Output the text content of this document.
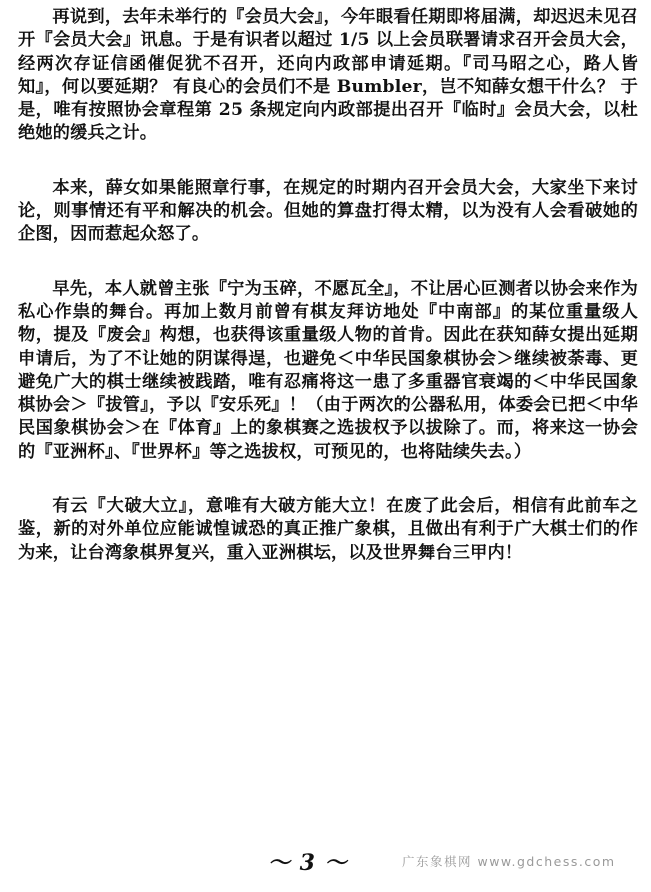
再说到，去年未举行的『会员大会』，今年眼看任期即将届满，却迟迟未见召开『会员大会』讯息。于是有识者以超过 1/5 以上会员联署请求召开会员大会，经两次存证信函催促犹不召开，还向内政部申请延期。『司马昭之心，路人皆知』，何以要延期？ 有良心的会员们不是 Bumbler，岂不知薛女想干什么？ 于是，唯有按照协会章程第 25 条规定向内政部提出召开『临时』会员大会，以杜绝她的缓兵之计。

本来，薛女如果能照章行事，在规定的时期内召开会员大会，大家坐下来讨论，则事情还有平和解决的机会。但她的算盘打得太精，以为没有人会看破她的企图，因而惹起众怒了。

早先，本人就曾主张『宁为玉碎，不愿瓦全』，不让居心叵测者以协会来作为私心作祟的舞台。再加上数月前曾有棋友拜访地处『中南部』的某位重量级人物，提及『废会』构想，也获得该重量级人物的首肯。因此在获知薛女提出延期申请后，为了不让她的阴谋得逞，也避免＜中华民国象棋协会＞继续被荼毒、更避免广大的棋士继续被践踏，唯有忍痛将这一患了多重器官衰竭的＜中华民国象棋协会＞『拔管』，予以『安乐死』！（由于两次的公器私用，体委会已把＜中华民国象棋协会＞在『体育』上的象棋赛之选拔权予以拔除了。而，将来这一协会的『亚洲杯』、『世界杯』等之选拔权，可预见的，也将陆续失去。）

有云『大破大立』，意唯有大破方能大立！在废了此会后，相信有此前车之鉴，新的对外单位应能诚惶诚恐的真正推广象棋，且做出有利于广大棋士们的作为来，让台湾象棋界复兴，重入亚洲棋坛，以及世界舞台三甲内！

～ 3 ～	广东象棋网 www.gdchess.com
